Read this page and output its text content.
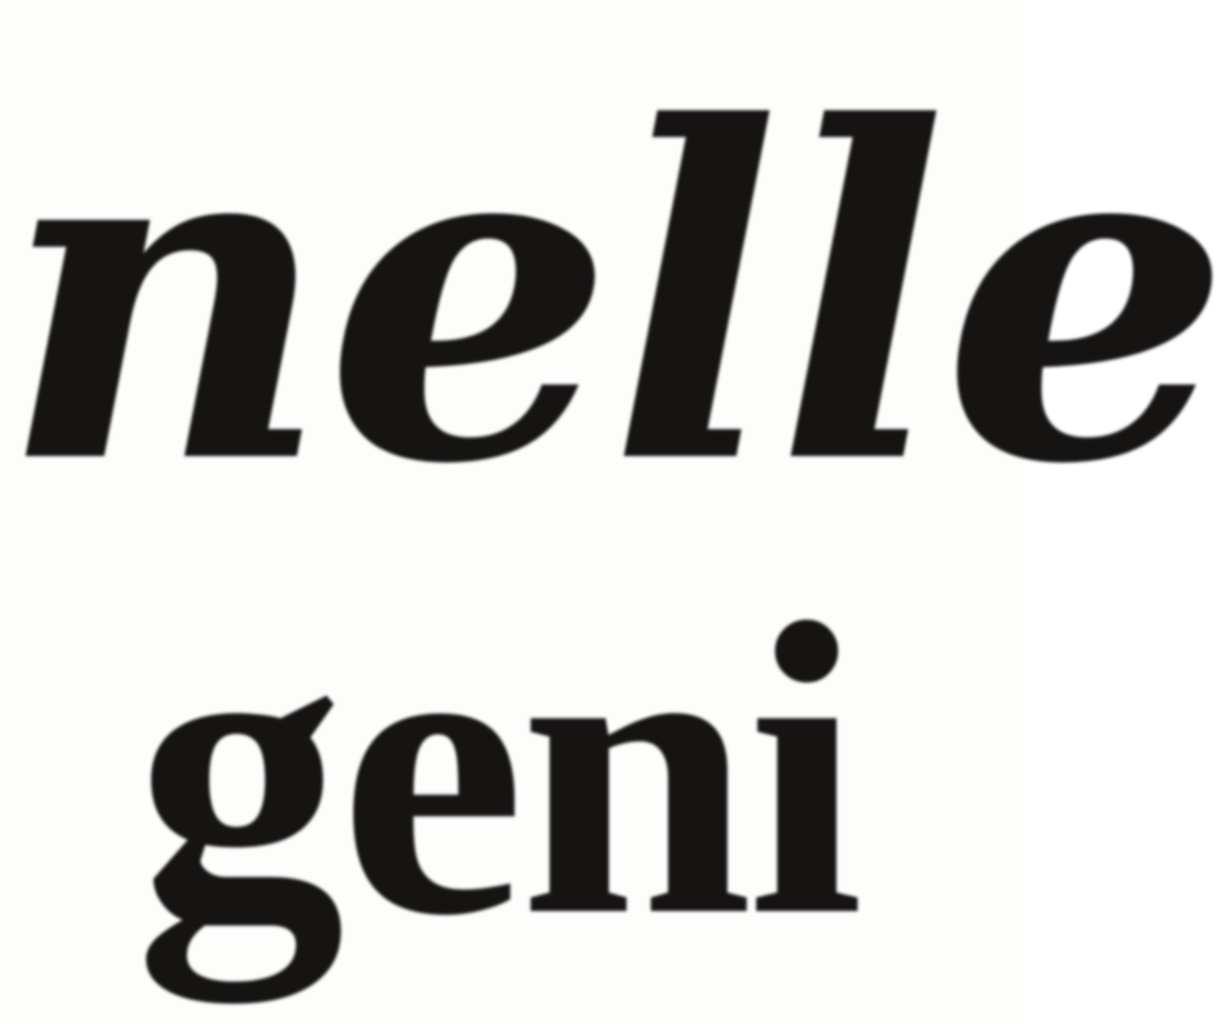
nelle

geni
